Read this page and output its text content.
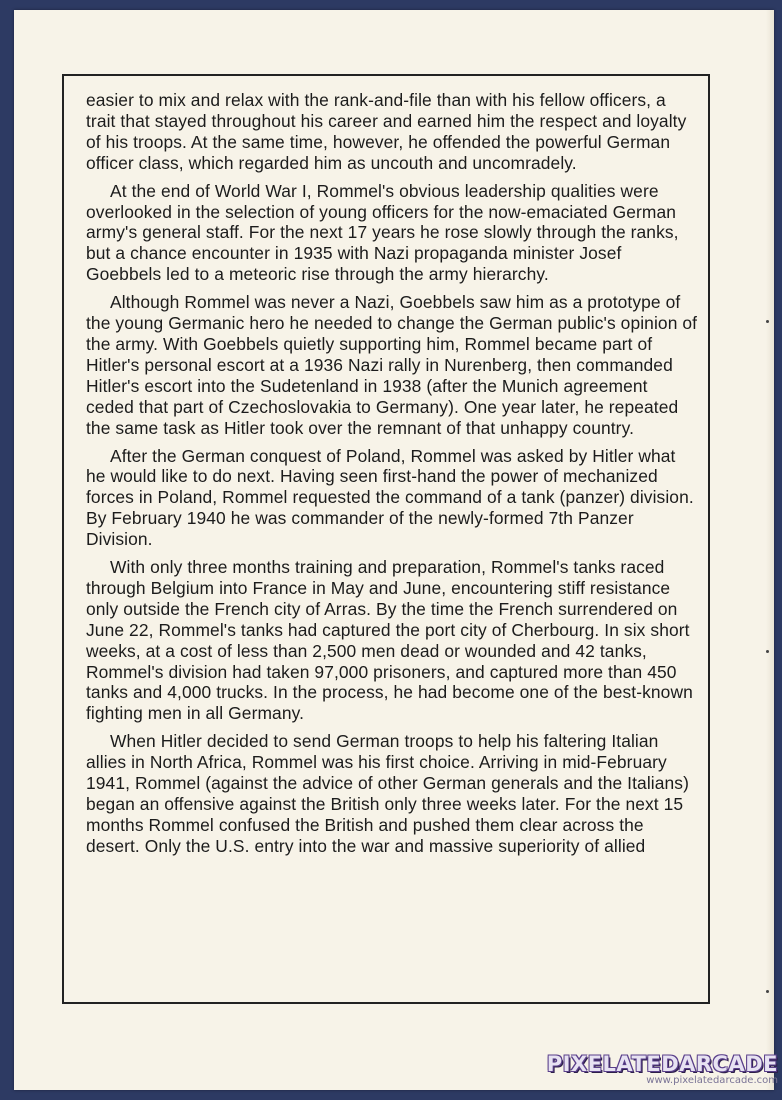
easier to mix and relax with the rank-and-file than with his fellow officers, a trait that stayed throughout his career and earned him the respect and loyalty of his troops. At the same time, however, he offended the powerful German officer class, which regarded him as uncouth and uncomradely.

At the end of World War I, Rommel's obvious leadership qualities were overlooked in the selection of young officers for the now-emaciated German army's general staff. For the next 17 years he rose slowly through the ranks, but a chance encounter in 1935 with Nazi propaganda minister Josef Goebbels led to a meteoric rise through the army hierarchy.

Although Rommel was never a Nazi, Goebbels saw him as a prototype of the young Germanic hero he needed to change the German public's opinion of the army. With Goebbels quietly supporting him, Rommel became part of Hitler's personal escort at a 1936 Nazi rally in Nurenberg, then commanded Hitler's escort into the Sudetenland in 1938 (after the Munich agreement ceded that part of Czechoslovakia to Germany). One year later, he repeated the same task as Hitler took over the remnant of that unhappy country.

After the German conquest of Poland, Rommel was asked by Hitler what he would like to do next. Having seen first-hand the power of mechanized forces in Poland, Rommel requested the command of a tank (panzer) division. By February 1940 he was commander of the newly-formed 7th Panzer Division.

With only three months training and preparation, Rommel's tanks raced through Belgium into France in May and June, encountering stiff resistance only outside the French city of Arras. By the time the French surrendered on June 22, Rommel's tanks had captured the port city of Cherbourg. In six short weeks, at a cost of less than 2,500 men dead or wounded and 42 tanks, Rommel's division had taken 97,000 prisoners, and captured more than 450 tanks and 4,000 trucks. In the process, he had become one of the best-known fighting men in all Germany.

When Hitler decided to send German troops to help his faltering Italian allies in North Africa, Rommel was his first choice. Arriving in mid-February 1941, Rommel (against the advice of other German generals and the Italians) began an offensive against the British only three weeks later. For the next 15 months Rommel confused the British and pushed them clear across the desert. Only the U.S. entry into the war and massive superiority of allied

PIXELATEDARCADE
www.pixelatedarcade.com
